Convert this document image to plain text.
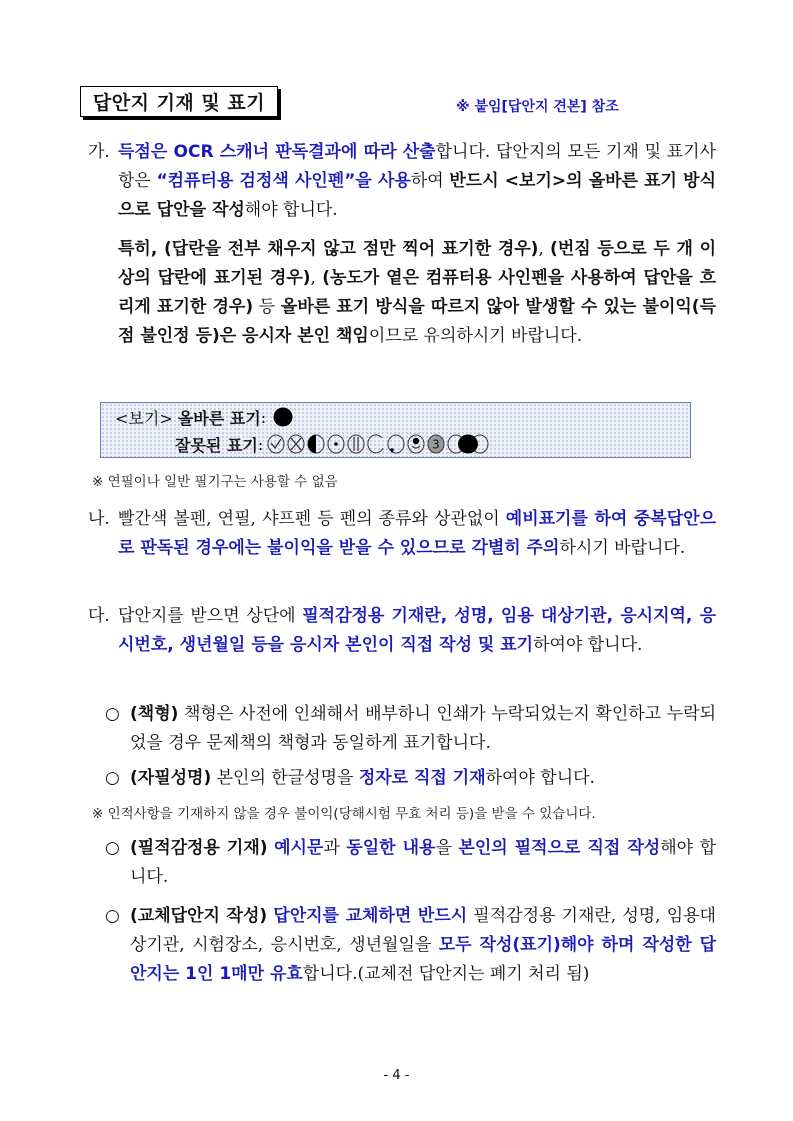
답안지 기재 및 표기	※ 붙임[답안지 견본] 참조
가. 득점은 OCR 스캐너 판독결과에 따라 산출합니다. 답안지의 모든 기재 및 표기사항은 “컴퓨터용 검정색 사인펜”을 사용하여 반드시 <보기>의 올바른 표기 방식으로 답안을 작성해야 합니다.
특히, (답란을 전부 채우지 않고 점만 찍어 표기한 경우), (번짐 등으로 두 개 이상의 답란에 표기된 경우), (농도가 옅은 컴퓨터용 사인펜을 사용하여 답안을 흐리게 표기한 경우) 등 올바른 표기 방식을 따르지 않아 발생할 수 있는 불이익(득점 불인정 등)은 응시자 본인 책임이므로 유의하시기 바랍니다.
<보기>
올바른 표기 :
잘못된 표기 :	3
※ 연필이나 일반 필기구는 사용할 수 없음
나. 빨간색 볼펜, 연필, 샤프펜 등 펜의 종류와 상관없이 예비표기를 하여 중복답안으로 판독된 경우에는 불이익을 받을 수 있으므로 각별히 주의하시기 바랍니다.
다. 답안지를 받으면 상단에 필적감정용 기재란, 성명, 임용 대상기관, 응시지역, 응시번호, 생년월일 등을 응시자 본인이 직접 작성 및 표기하여야 합니다.
○ (책형) 책형은 사전에 인쇄해서 배부하니 인쇄가 누락되었는지 확인하고 누락되었을 경우 문제책의 책형과 동일하게 표기합니다.
○ (자필성명) 본인의 한글성명을 정자로 직접 기재하여야 합니다.
※ 인적사항을 기재하지 않을 경우 불이익(당해시험 무효 처리 등)을 받을 수 있습니다.
○ (필적감정용 기재) 예시문과 동일한 내용을 본인의 필적으로 직접 작성해야 합니다.
○ (교체답안지 작성) 답안지를 교체하면 반드시 필적감정용 기재란, 성명, 임용대상기관, 시험장소, 응시번호, 생년월일을 모두 작성(표기)해야 하며 작성한 답안지는 1인 1매만 유효합니다.(교체전 답안지는 폐기 처리 됨)
- 4 -
